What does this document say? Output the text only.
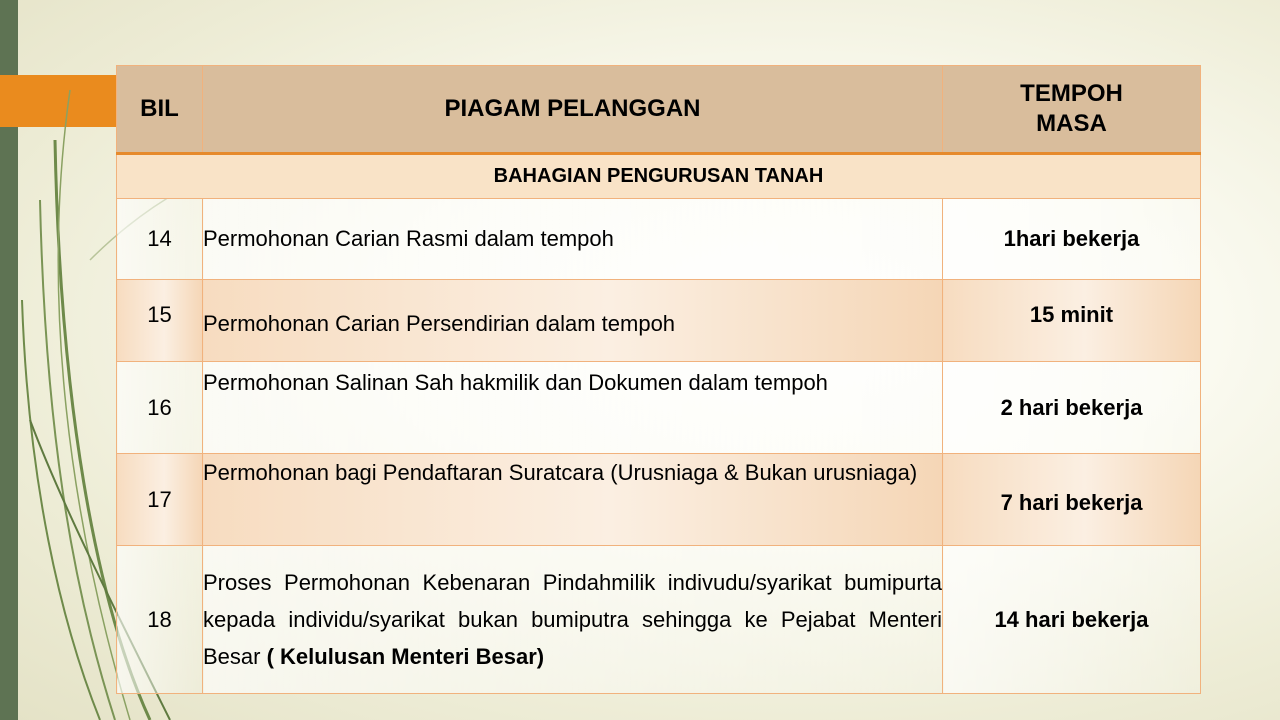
BIL	PIAGAM PELANGGAN	TEMPOH
MASA
BAHAGIAN PENGURUSAN TANAH		
14	Permohonan Carian Rasmi dalam tempoh	1hari bekerja
15	Permohonan Carian Persendirian dalam tempoh	15 minit
16	Permohonan Salinan Sah hakmilik dan Dokumen dalam tempoh	2 hari bekerja
17	Permohonan bagi Pendaftaran Suratcara (Urusniaga & Bukan urusniaga)	7 hari bekerja
18	Proses Permohonan Kebenaran Pindahmilik indivudu/syarikat bumipurta kepada individu/syarikat bukan bumiputra sehingga ke Pejabat Menteri Besar ( Kelulusan Menteri Besar)	14 hari bekerja
